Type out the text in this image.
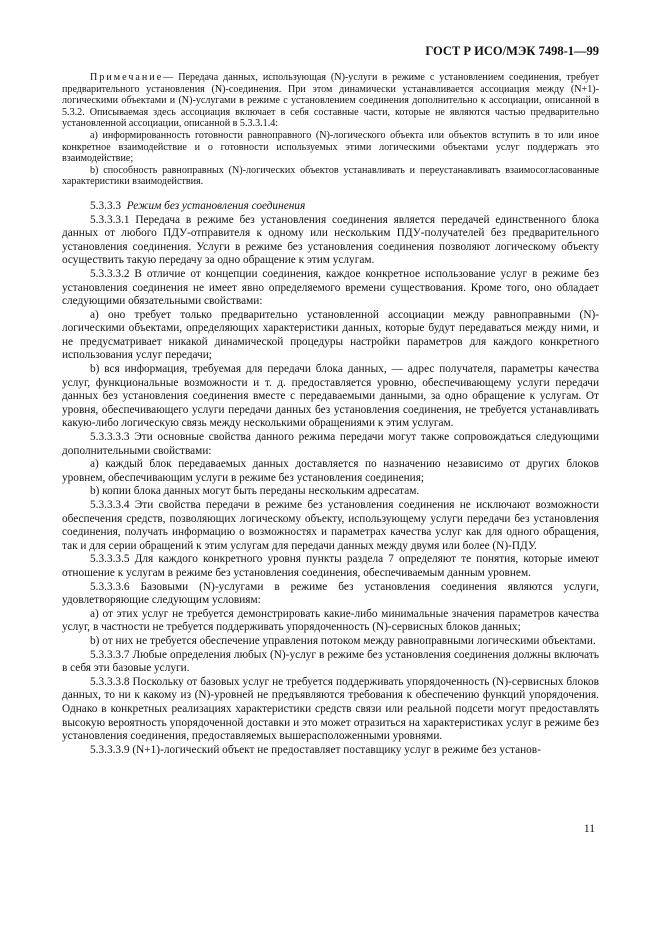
ГОСТ Р ИСО/МЭК 7498-1—99

Примечание— Передача данных, использующая (N)-услуги в режиме с установлением соединения, требует предварительного установления (N)-соединения. При этом динамически устанавливается ассоциация между (N+1)-логическими объектами и (N)-услугами в режиме с установлением соединения дополнительно к ассоциации, описанной в 5.3.2. Описываемая здесь ассоциация включает в себя составные части, которые не являются частью предварительно установленной ассоциации, описанной в 5.3.3.1.4:

а) информированность готовности равноправного (N)-логического объекта или объектов вступить в то или иное конкретное взаимодействие и о готовности используемых этими логическими объектами услуг поддержать это взаимодействие;

b) способность равноправных (N)-логических объектов устанавливать и переустанавливать взаимосогласованные характеристики взаимодействия.

5.3.3.3 Режим без установления соединения

5.3.3.3.1 Передача в режиме без установления соединения является передачей единственного блока данных от любого ПДУ-отправителя к одному или нескольким ПДУ-получателей без предварительного установления соединения. Услуги в режиме без установления соединения позволяют логическому объекту осуществить такую передачу за одно обращение к этим услугам.

5.3.3.3.2 В отличие от концепции соединения, каждое конкретное использование услуг в режиме без установления соединения не имеет явно определяемого времени существования. Кроме того, оно обладает следующими обязательными свойствами:

а) оно требует только предварительно установленной ассоциации между равноправными (N)-логическими объектами, определяющих характеристики данных, которые будут передаваться между ними, и не предусматривает никакой динамической процедуры настройки параметров для каждого конкретного использования услуг передачи;

b) вся информация, требуемая для передачи блока данных, — адрес получателя, параметры качества услуг, функциональные возможности и т. д. предоставляется уровню, обеспечивающему услуги передачи данных без установления соединения вместе с передаваемыми данными, за одно обращение к услугам. От уровня, обеспечивающего услуги передачи данных без установления соединения, не требуется устанавливать какую-либо логическую связь между несколькими обращениями к этим услугам.

5.3.3.3.3 Эти основные свойства данного режима передачи могут также сопровождаться следующими дополнительными свойствами:

а) каждый блок передаваемых данных доставляется по назначению независимо от других блоков уровнем, обеспечивающим услуги в режиме без установления соединения;

b) копии блока данных могут быть переданы нескольким адресатам.

5.3.3.3.4 Эти свойства передачи в режиме без установления соединения не исключают возможности обеспечения средств, позволяющих логическому объекту, использующему услуги передачи без установления соединения, получать информацию о возможностях и параметрах качества услуг как для одного обращения, так и для серии обращений к этим услугам для передачи данных между двумя или более (N)-ПДУ.

5.3.3.3.5 Для каждого конкретного уровня пункты раздела 7 определяют те понятия, которые имеют отношение к услугам в режиме без установления соединения, обеспечиваемым данным уровнем.

5.3.3.3.6 Базовыми (N)-услугами в режиме без установления соединения являются услуги, удовлетворяющие следующим условиям:

а) от этих услуг не требуется демонстрировать какие-либо минимальные значения параметров качества услуг, в частности не требуется поддерживать упорядоченность (N)-сервисных блоков данных;

b) от них не требуется обеспечение управления потоком между равноправными логическими объектами.

5.3.3.3.7 Любые определения любых (N)-услуг в режиме без установления соединения должны включать в себя эти базовые услуги.

5.3.3.3.8 Поскольку от базовых услуг не требуется поддерживать упорядоченность (N)-сервисных блоков данных, то ни к какому из (N)-уровней не предъявляются требования к обеспечению функций упорядочения. Однако в конкретных реализациях характеристики средств связи или реальной подсети могут предоставлять высокую вероятность упорядоченной доставки и это может отразиться на характеристиках услуг в режиме без установления соединения, предоставляемых вышерасположенными уровнями.

5.3.3.3.9 (N+1)-логический объект не предоставляет поставщику услуг в режиме без установ-

11
